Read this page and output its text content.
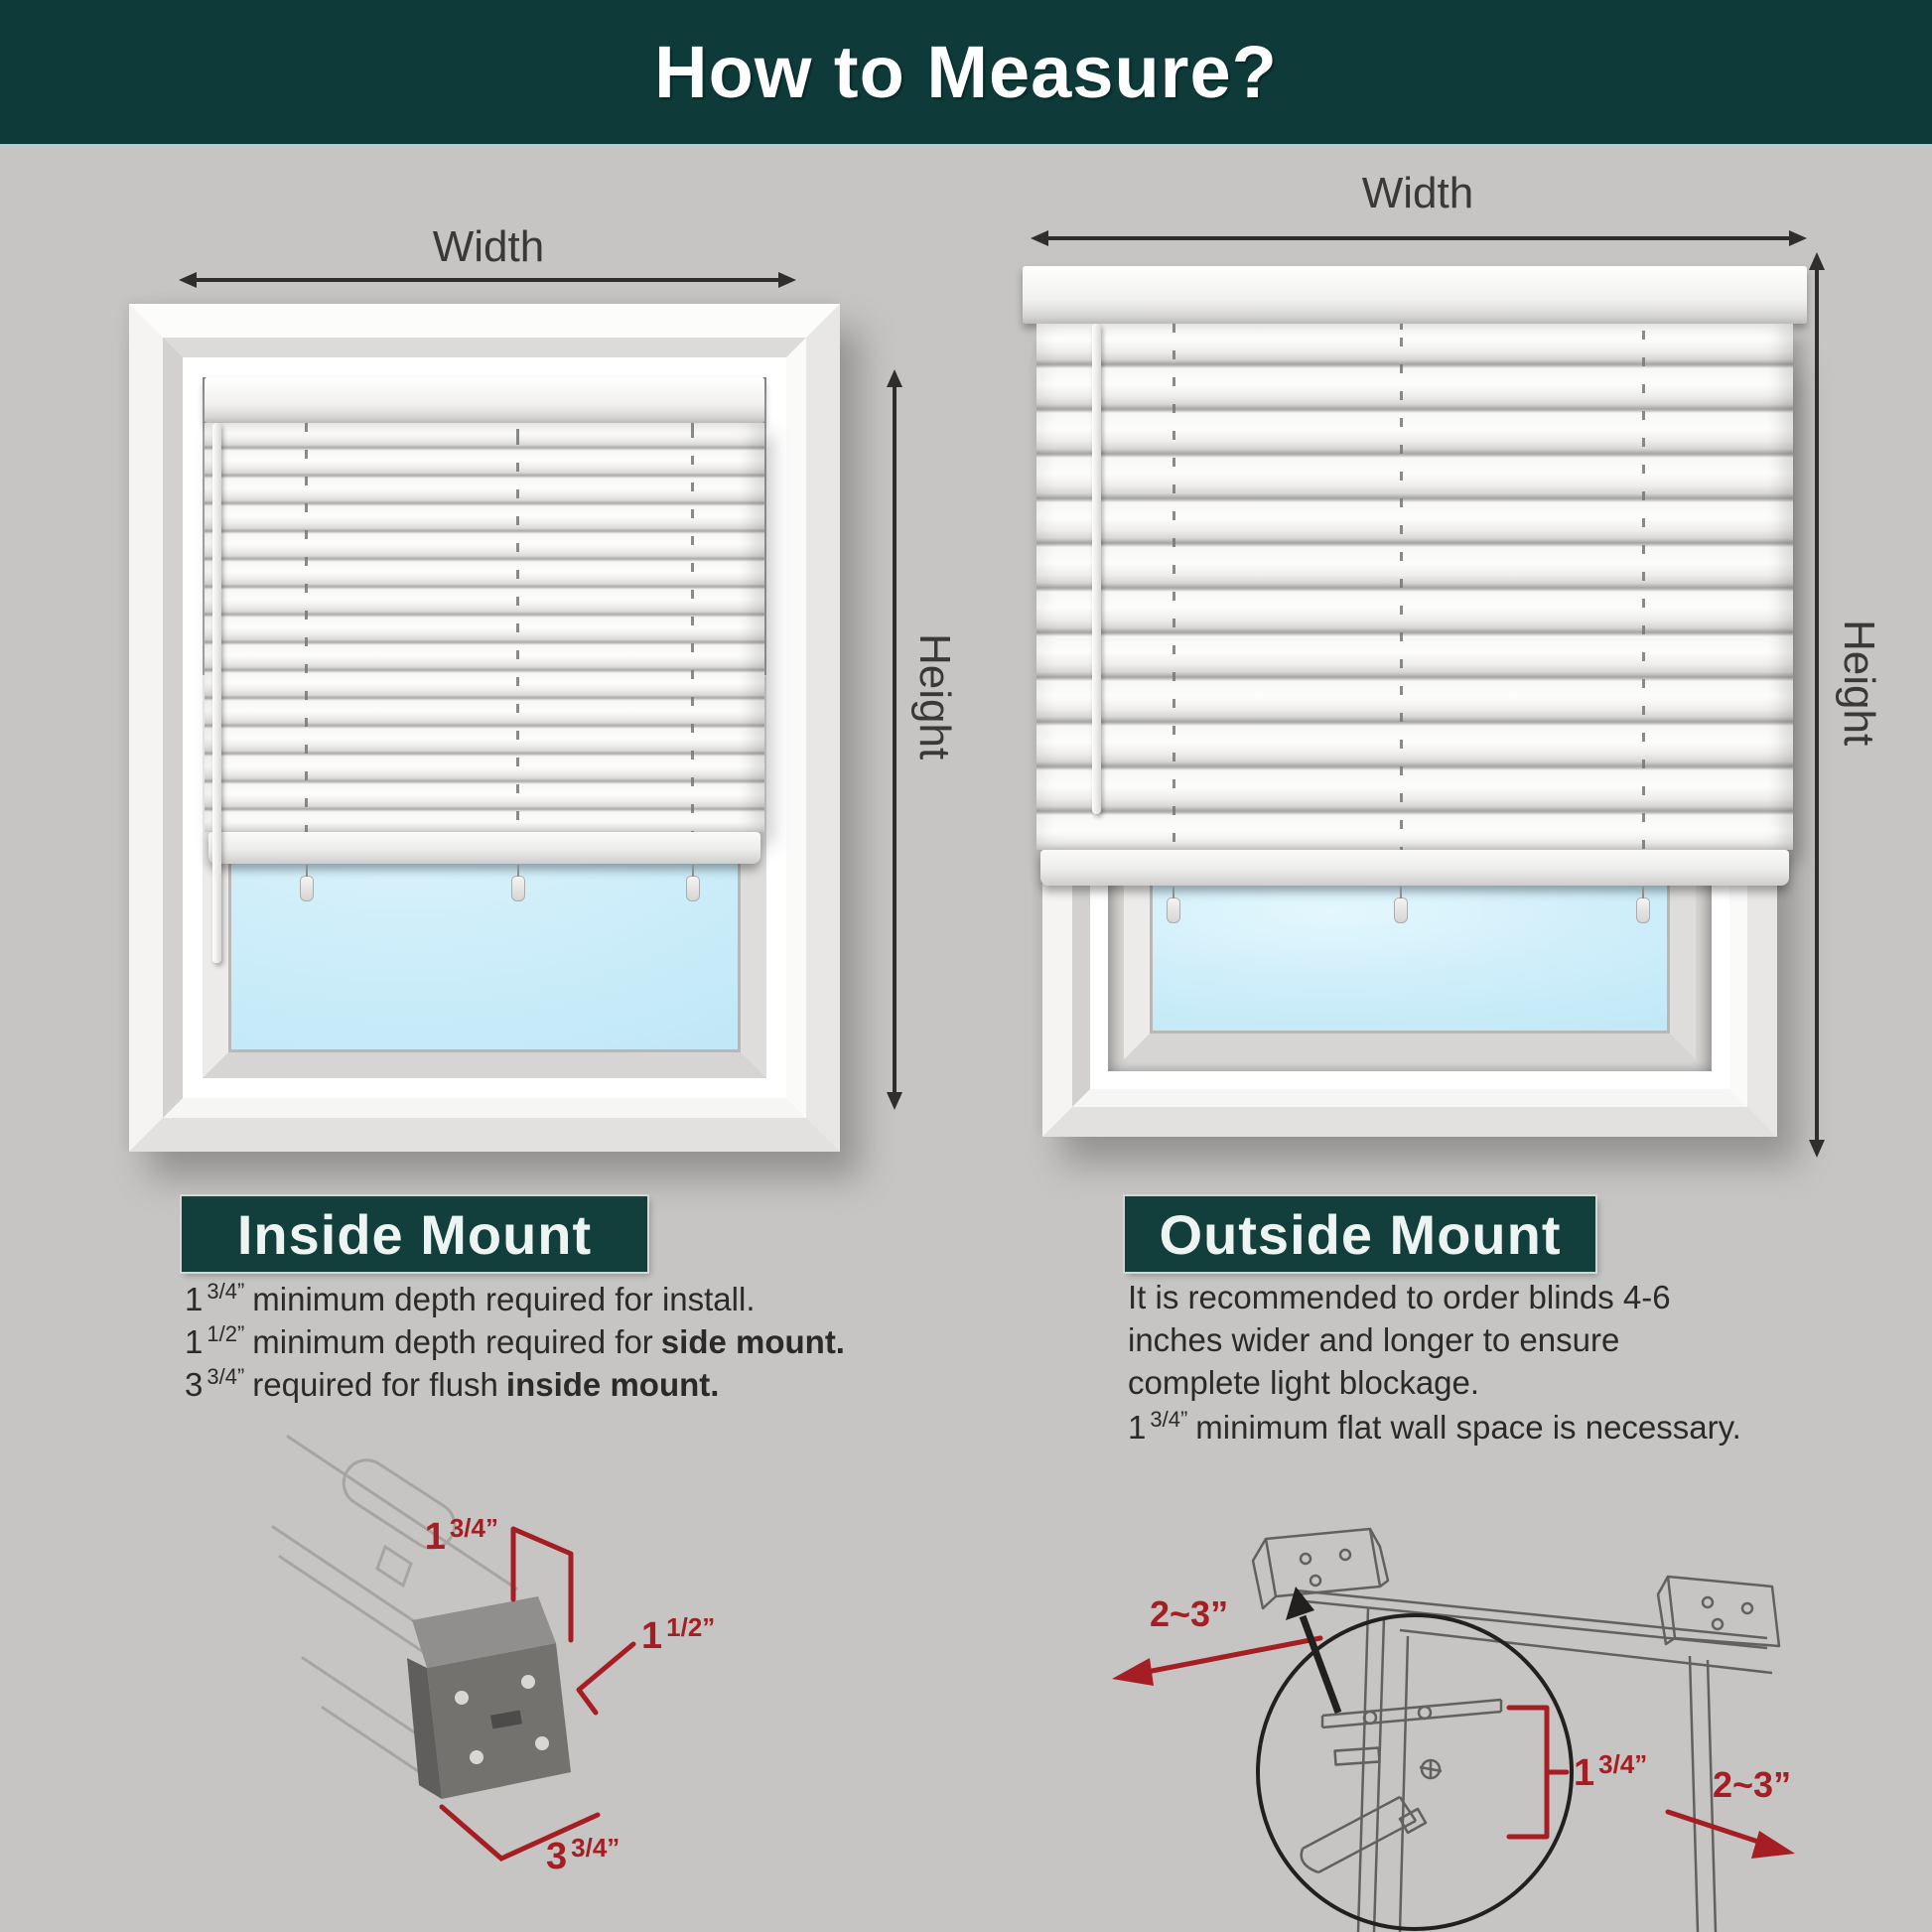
How to Measure?
Width
Height
Width
Height
Inside Mount
1 $^{3/4”}$ minimum depth required for install.
1 $^{1/2”}$ minimum depth required for side mount.
3 $^{3/4”}$ required for flush inside mount.
Outside Mount
It is recommended to order blinds 4-6
inches wider and longer to ensure
complete light blockage.
1 $^{3/4”}$ minimum flat wall space is necessary.
1 $^{3/4”}$
1 $^{1/2”}$
3 $^{3/4”}$
2~3”
2~3”
1 $^{3/4”}$
